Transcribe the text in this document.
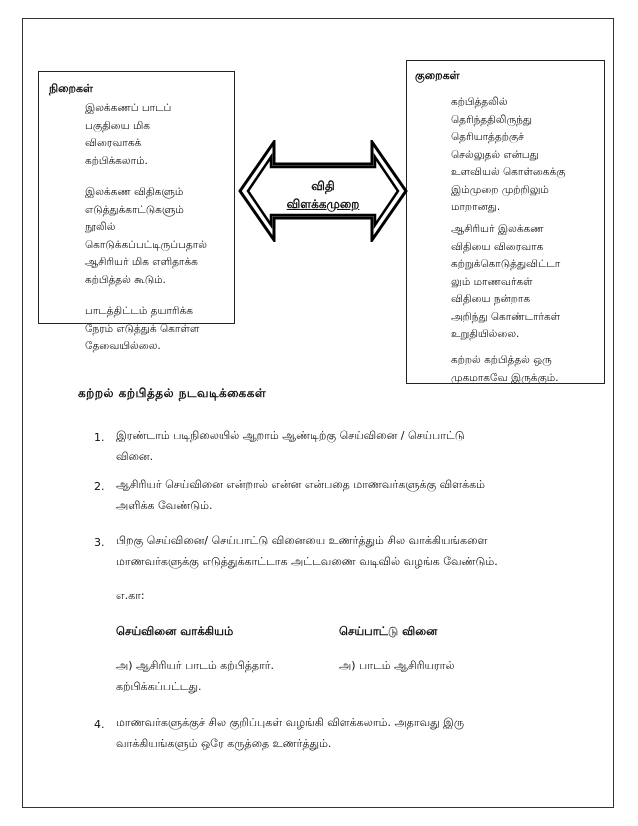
நிறைகள்
இலக்கணப் பாடப்
பகுதியை மிக
விரைவாகக்
கற்பிக்கலாம்.
இலக்கண விதிகளும்
எடுத்துக்காட்டுகளும்
நூலில்
கொடுக்கப்பட்டிருப்பதால்
ஆசிரியர் மிக எளிதாக்க
கற்பித்தல் கூடும்.
பாடத்திட்டம் தயாரிக்க
நேரம் எடுத்துக் கொள்ள
தேவையில்லை.
குறைகள்
கற்பித்தலில்
தெரிந்ததிலிருந்து
தெரியாத்தற்குச்
செல்லுதல் என்பது
உளவியல் கொள்கைக்கு
இம்முறை முற்றிலும்
மாறானது.
ஆசிரியர் இலக்கண
விதியை விரைவாக
கற்றுக்கொடுத்துவிட்டா
லும் மாணவர்கள்
விதியை நன்றாக
அறிந்து கொண்டார்கள்
உறுதியில்லை.
கற்றல் கற்பித்தல் ஒரு
முகமாகவே இருக்கும்.
விதி
விளக்கமுறை
கற்றல் கற்பித்தல் நடவடிக்கைகள்
1. இரண்டாம் படிநிலையில் ஆறாம் ஆண்டிற்கு செய்வினை / செய்பாட்டு
வினை.
2. ஆசிரியர் செய்வினை என்றால் என்ன என்பதை மாணவர்களுக்கு விளக்கம்
அளிக்க வேண்டும்.
3. பிறகு செய்வினை/ செய்பாட்டு வினையை உணர்த்தும் சில வாக்கியங்களை
மாணவர்களுக்கு எடுத்துக்காட்டாக அட்டவணை வடிவில் வழங்க வேண்டும்.
எ.கா:
செய்வினை வாக்கியம்	செய்பாட்டு வினை
அ) ஆசிரியர் பாடம் கற்பித்தார்.
கற்பிக்கப்பட்டது.
அ) பாடம் ஆசிரியரால்
4. மாணவர்களுக்குச் சில குறிப்புகள் வழங்கி விளக்கலாம். அதாவது இரு
வாக்கியங்களும் ஒரே கருத்தை உணர்த்தும்.
